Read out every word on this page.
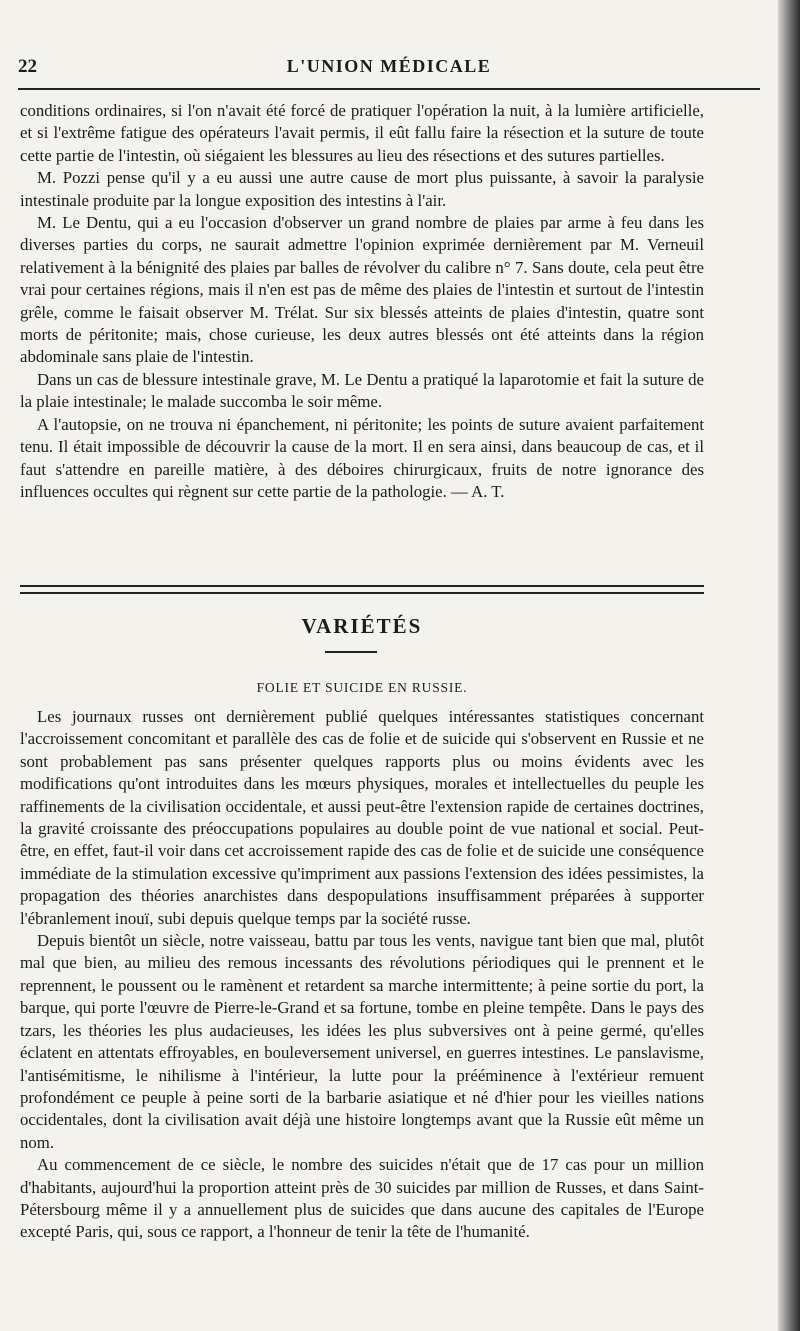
22	L'UNION MÉDICALE

conditions ordinaires, si l'on n'avait été forcé de pratiquer l'opération la nuit, à la lumière artificielle, et si l'extrême fatigue des opérateurs l'avait permis, il eût fallu faire la résection et la suture de toute cette partie de l'intestin, où siégaient les blessures au lieu des résections et des sutures partielles.

M. Pozzi pense qu'il y a eu aussi une autre cause de mort plus puissante, à savoir la paralysie intestinale produite par la longue exposition des intestins à l'air.

M. Le Dentu, qui a eu l'occasion d'observer un grand nombre de plaies par arme à feu dans les diverses parties du corps, ne saurait admettre l'opinion exprimée dernièrement par M. Verneuil relativement à la bénignité des plaies par balles de révolver du calibre n° 7. Sans doute, cela peut être vrai pour certaines régions, mais il n'en est pas de même des plaies de l'intestin et surtout de l'intestin grêle, comme le faisait observer M. Trélat. Sur six blessés atteints de plaies d'intestin, quatre sont morts de péritonite; mais, chose curieuse, les deux autres blessés ont été atteints dans la région abdominale sans plaie de l'intestin.

Dans un cas de blessure intestinale grave, M. Le Dentu a pratiqué la laparotomie et fait la suture de la plaie intestinale; le malade succomba le soir même.

A l'autopsie, on ne trouva ni épanchement, ni péritonite; les points de suture avaient parfaitement tenu. Il était impossible de découvrir la cause de la mort. Il en sera ainsi, dans beaucoup de cas, et il faut s'attendre en pareille matière, à des déboires chirurgicaux, fruits de notre ignorance des influences occultes qui règnent sur cette partie de la pathologie. — A. T.

VARIÉTÉS
FOLIE ET SUICIDE EN RUSSIE.

Les journaux russes ont dernièrement publié quelques intéressantes statistiques concernant l'accroissement concomitant et parallèle des cas de folie et de suicide qui s'observent en Russie et ne sont probablement pas sans présenter quelques rapports plus ou moins évidents avec les modifications qu'ont introduites dans les mœurs physiques, morales et intellectuelles du peuple les raffinements de la civilisation occidentale, et aussi peut-être l'extension rapide de certaines doctrines, la gravité croissante des préoccupations populaires au double point de vue national et social. Peut-être, en effet, faut-il voir dans cet accroissement rapide des cas de folie et de suicide une conséquence immédiate de la stimulation excessive qu'impriment aux passions l'extension des idées pessimistes, la propagation des théories anarchistes dans despopulations insuffisamment préparées à supporter l'ébranlement inouï, subi depuis quelque temps par la société russe.

Depuis bientôt un siècle, notre vaisseau, battu par tous les vents, navigue tant bien que mal, plutôt mal que bien, au milieu des remous incessants des révolutions périodiques qui le prennent et le reprennent, le poussent ou le ramènent et retardent sa marche intermittente; à peine sortie du port, la barque, qui porte l'œuvre de Pierre-le-Grand et sa fortune, tombe en pleine tempête. Dans le pays des tzars, les théories les plus audacieuses, les idées les plus subversives ont à peine germé, qu'elles éclatent en attentats effroyables, en bouleversement universel, en guerres intestines. Le panslavisme, l'antisémitisme, le nihilisme à l'intérieur, la lutte pour la prééminence à l'extérieur remuent profondément ce peuple à peine sorti de la barbarie asiatique et né d'hier pour les vieilles nations occidentales, dont la civilisation avait déjà une histoire longtemps avant que la Russie eût même un nom.

Au commencement de ce siècle, le nombre des suicides n'était que de 17 cas pour un million d'habitants, aujourd'hui la proportion atteint près de 30 suicides par million de Russes, et dans Saint-Pétersbourg même il y a annuellement plus de suicides que dans aucune des capitales de l'Europe excepté Paris, qui, sous ce rapport, a l'honneur de tenir la tête de l'humanité.
